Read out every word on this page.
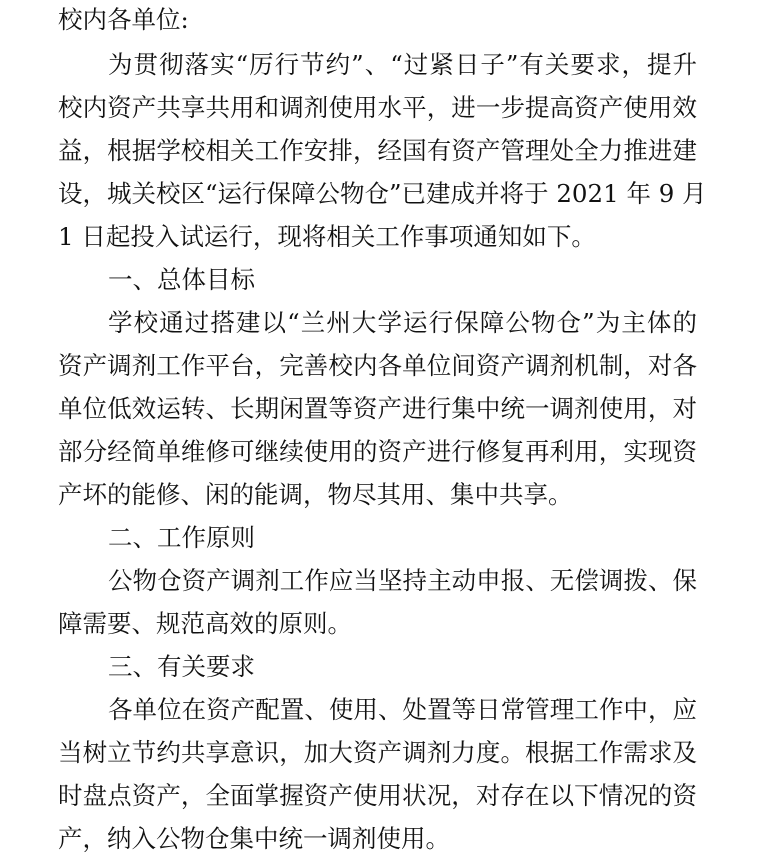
校内各单位:

为贯彻落实“厉行节约”、“过紧日子”有关要求，提升

校内资产共享共用和调剂使用水平，进一步提高资产使用效

益，根据学校相关工作安排，经国有资产管理处全力推进建

设，城关校区“运行保障公物仓”已建成并将于 2021 年 9 月

1 日起投入试运行，现将相关工作事项通知如下。

一、总体目标

学校通过搭建以“兰州大学运行保障公物仓”为主体的

资产调剂工作平台，完善校内各单位间资产调剂机制，对各

单位低效运转、长期闲置等资产进行集中统一调剂使用，对

部分经简单维修可继续使用的资产进行修复再利用，实现资

产坏的能修、闲的能调，物尽其用、集中共享。

二、工作原则

公物仓资产调剂工作应当坚持主动申报、无偿调拨、保

障需要、规范高效的原则。

三、有关要求

各单位在资产配置、使用、处置等日常管理工作中，应

当树立节约共享意识，加大资产调剂力度。根据工作需求及

时盘点资产，全面掌握资产使用状况，对存在以下情况的资

产，纳入公物仓集中统一调剂使用。
